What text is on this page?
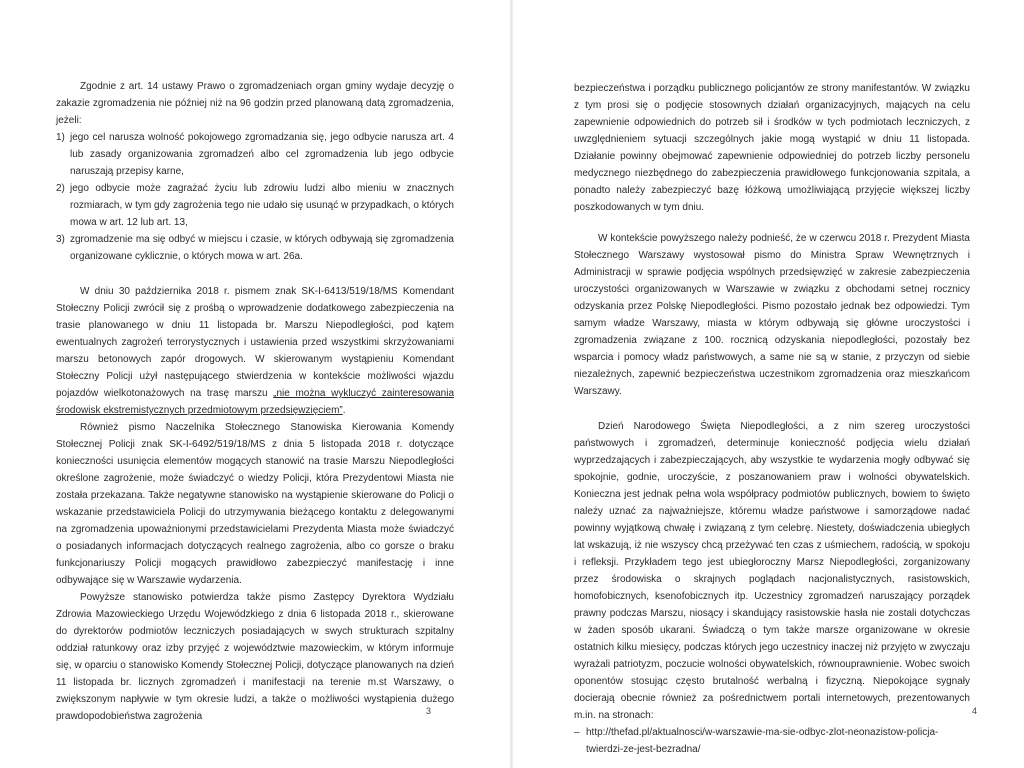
Zgodnie z art. 14 ustawy Prawo o zgromadzeniach organ gminy wydaje decyzję o zakazie zgromadzenia nie później niż na 96 godzin przed planowaną datą zgromadzenia, jeżeli:

1) jego cel narusza wolność pokojowego zgromadzania się, jego odbycie narusza art. 4 lub zasady organizowania zgromadzeń albo cel zgromadzenia lub jego odbycie naruszają przepisy karne,
2) jego odbycie może zagrażać życiu lub zdrowiu ludzi albo mieniu w znacznych rozmiarach, w tym gdy zagrożenia tego nie udało się usunąć w przypadkach, o których mowa w art. 12 lub art. 13,
3) zgromadzenie ma się odbyć w miejscu i czasie, w których odbywają się zgromadzenia organizowane cyklicznie, o których mowa w art. 26a.

W dniu 30 października 2018 r. pismem znak SK-I-6413/519/18/MS Komendant Stołeczny Policji zwrócił się z prośbą o wprowadzenie dodatkowego zabezpieczenia na trasie planowanego w dniu 11 listopada br. Marszu Niepodległości, pod kątem ewentualnych zagrożeń terrorystycznych i ustawienia przed wszystkimi skrzyżowaniami marszu betonowych zapór drogowych. W skierowanym wystąpieniu Komendant Stołeczny Policji użył następującego stwierdzenia w kontekście możliwości wjazdu pojazdów wielkotonażowych na trasę marszu „nie można wykluczyć zainteresowania środowisk ekstremistycznych przedmiotowym przedsięwzięciem”.

Również pismo Naczelnika Stołecznego Stanowiska Kierowania Komendy Stołecznej Policji znak SK-I-6492/519/18/MS z dnia 5 listopada 2018 r. dotyczące konieczności usunięcia elementów mogących stanowić na trasie Marszu Niepodległości określone zagrożenie, może świadczyć o wiedzy Policji, która Prezydentowi Miasta nie została przekazana. Także negatywne stanowisko na wystąpienie skierowane do Policji o wskazanie przedstawiciela Policji do utrzymywania bieżącego kontaktu z delegowanymi na zgromadzenia upoważnionymi przedstawicielami Prezydenta Miasta może świadczyć o posiadanych informacjach dotyczących realnego zagrożenia, albo co gorsze o braku funkcjonariuszy Policji mogących prawidłowo zabezpieczyć manifestację i inne odbywające się w Warszawie wydarzenia.

Powyższe stanowisko potwierdza także pismo Zastępcy Dyrektora Wydziału Zdrowia Mazowieckiego Urzędu Wojewódzkiego z dnia 6 listopada 2018 r., skierowane do dyrektorów podmiotów leczniczych posiadających w swych strukturach szpitalny oddział ratunkowy oraz izby przyjęć z województwie mazowieckim, w którym informuje się, w oparciu o stanowisko Komendy Stołecznej Policji, dotyczące planowanych na dzień 11 listopada br. licznych zgromadzeń i manifestacji na terenie m.st Warszawy, o zwiększonym napływie w tym okresie ludzi, a także o możliwości wystąpienia dużego prawdopodobieństwa zagrożenia	3

bezpieczeństwa i porządku publicznego policjantów ze strony manifestantów. W związku z tym prosi się o podjęcie stosownych działań organizacyjnych, mających na celu zapewnienie odpowiednich do potrzeb sił i środków w tych podmiotach leczniczych, z uwzględnieniem sytuacji szczególnych jakie mogą wystąpić w dniu 11 listopada. Działanie powinny obejmować zapewnienie odpowiedniej do potrzeb liczby personelu medycznego niezbędnego do zabezpieczenia prawidłowego funkcjonowania szpitala, a ponadto należy zabezpieczyć bazę łóżkową umożliwiającą przyjęcie większej liczby poszkodowanych w tym dniu.

W kontekście powyższego należy podnieść, że w czerwcu 2018 r. Prezydent Miasta Stołecznego Warszawy wystosował pismo do Ministra Spraw Wewnętrznych i Administracji w sprawie podjęcia wspólnych przedsięwzięć w zakresie zabezpieczenia uroczystości organizowanych w Warszawie w związku z obchodami setnej rocznicy odzyskania przez Polskę Niepodległości. Pismo pozostało jednak bez odpowiedzi. Tym samym władze Warszawy, miasta w którym odbywają się główne uroczystości i zgromadzenia związane z 100. rocznicą odzyskania niepodległości, pozostały bez wsparcia i pomocy władz państwowych, a same nie są w stanie, z przyczyn od siebie niezależnych, zapewnić bezpieczeństwa uczestnikom zgromadzenia oraz mieszkańcom Warszawy.

Dzień Narodowego Święta Niepodległości, a z nim szereg uroczystości państwowych i zgromadzeń, determinuje konieczność podjęcia wielu działań wyprzedzających i zabezpieczających, aby wszystkie te wydarzenia mogły odbywać się spokojnie, godnie, uroczyście, z poszanowaniem praw i wolności obywatelskich. Konieczna jest jednak pełna wola współpracy podmiotów publicznych, bowiem to święto należy uznać za najważniejsze, któremu władze państwowe i samorządowe nadać powinny wyjątkową chwałę i związaną z tym celebrę. Niestety, doświadczenia ubiegłych lat wskazują, iż nie wszyscy chcą przeżywać ten czas z uśmiechem, radością, w spokoju i refleksji. Przykładem tego jest ubiegłoroczny Marsz Niepodległości, zorganizowany przez środowiska o skrajnych poglądach nacjonalistycznych, rasistowskich, homofobicznych, ksenofobicznych itp. Uczestnicy zgromadzeń naruszający porządek prawny podczas Marszu, niosący i skandujący rasistowskie hasła nie zostali dotychczas w żaden sposób ukarani. Świadczą o tym także marsze organizowane w okresie ostatnich kilku miesięcy, podczas których jego uczestnicy inaczej niż przyjęto w zwyczaju wyrażali patriotyzm, poczucie wolności obywatelskich, równouprawnienie. Wobec swoich oponentów stosując często brutalność werbalną i fizyczną. Niepokojące sygnały docierają obecnie również za pośrednictwem portali internetowych, prezentowanych m.in. na stronach:

– http://thefad.pl/aktualnosci/w-warszawie-ma-sie-odbyc-zlot-neonazistow-policja-twierdzi-ze-jest-bezradna/
4
